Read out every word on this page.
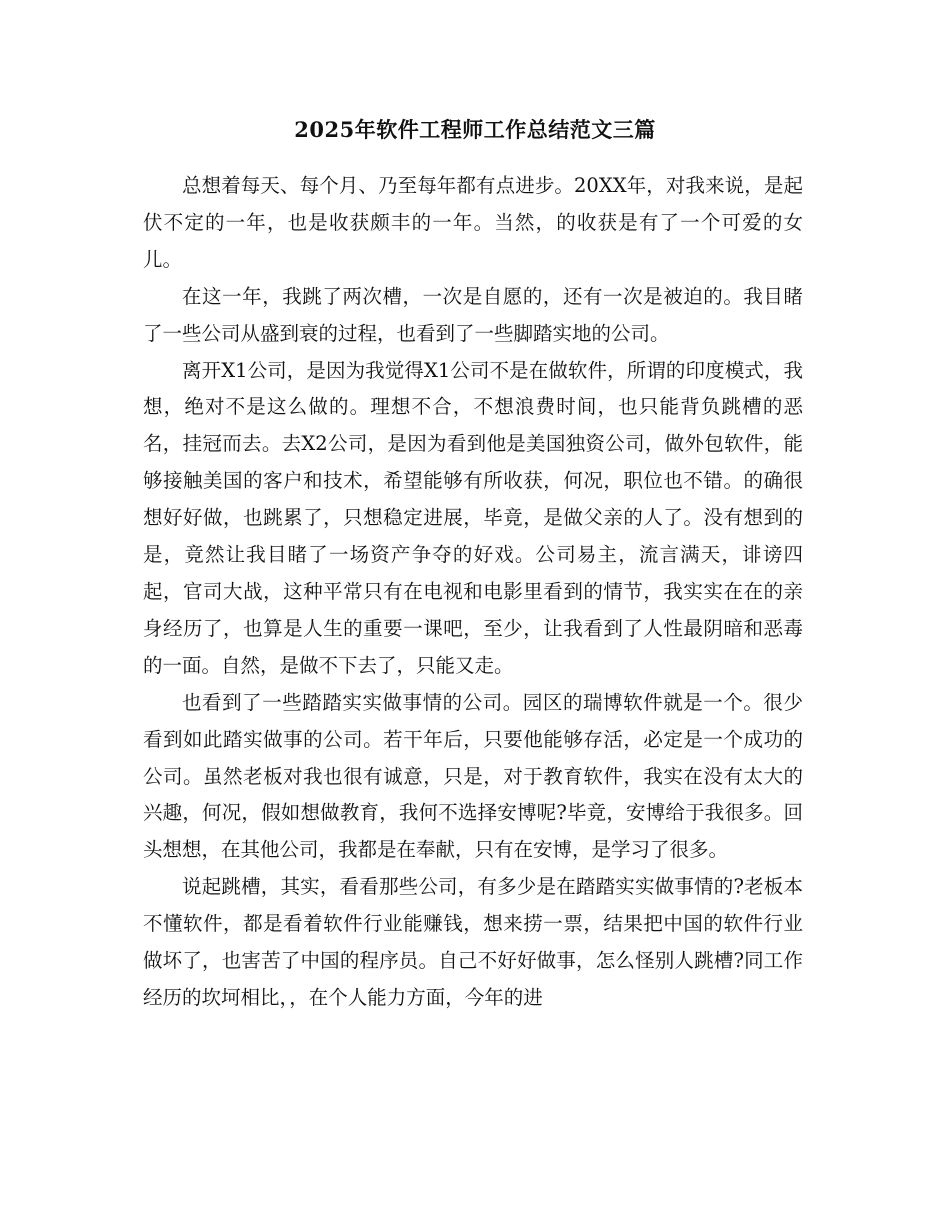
2025年软件工程师工作总结范文三篇

总想着每天、每个月、乃至每年都有点进步。20XX年，对我来说，是起伏不定的一年，也是收获颇丰的一年。当然，的收获是有了一个可爱的女儿。

在这一年，我跳了两次槽，一次是自愿的，还有一次是被迫的。我目睹了一些公司从盛到衰的过程，也看到了一些脚踏实地的公司。

离开X1公司，是因为我觉得X1公司不是在做软件，所谓的印度模式，我想，绝对不是这么做的。理想不合，不想浪费时间，也只能背负跳槽的恶名，挂冠而去。去X2公司，是因为看到他是美国独资公司，做外包软件，能够接触美国的客户和技术，希望能够有所收获，何况，职位也不错。的确很想好好做，也跳累了，只想稳定进展，毕竟，是做父亲的人了。没有想到的是，竟然让我目睹了一场资产争夺的好戏。公司易主，流言满天，诽谤四起，官司大战，这种平常只有在电视和电影里看到的情节，我实实在在的亲身经历了，也算是人生的重要一课吧，至少，让我看到了人性最阴暗和恶毒的一面。自然，是做不下去了，只能又走。

也看到了一些踏踏实实做事情的公司。园区的瑞博软件就是一个。很少看到如此踏实做事的公司。若干年后，只要他能够存活，必定是一个成功的公司。虽然老板对我也很有诚意，只是，对于教育软件，我实在没有太大的兴趣，何况，假如想做教育，我何不选择安博呢?毕竟，安博给于我很多。回头想想，在其他公司，我都是在奉献，只有在安博，是学习了很多。

说起跳槽，其实，看看那些公司，有多少是在踏踏实实做事情的?老板本不懂软件，都是看着软件行业能赚钱，想来捞一票，结果把中国的软件行业做坏了，也害苦了中国的程序员。自己不好好做事，怎么怪别人跳槽?同工作经历的坎坷相比，，在个人能力方面，今年的进
